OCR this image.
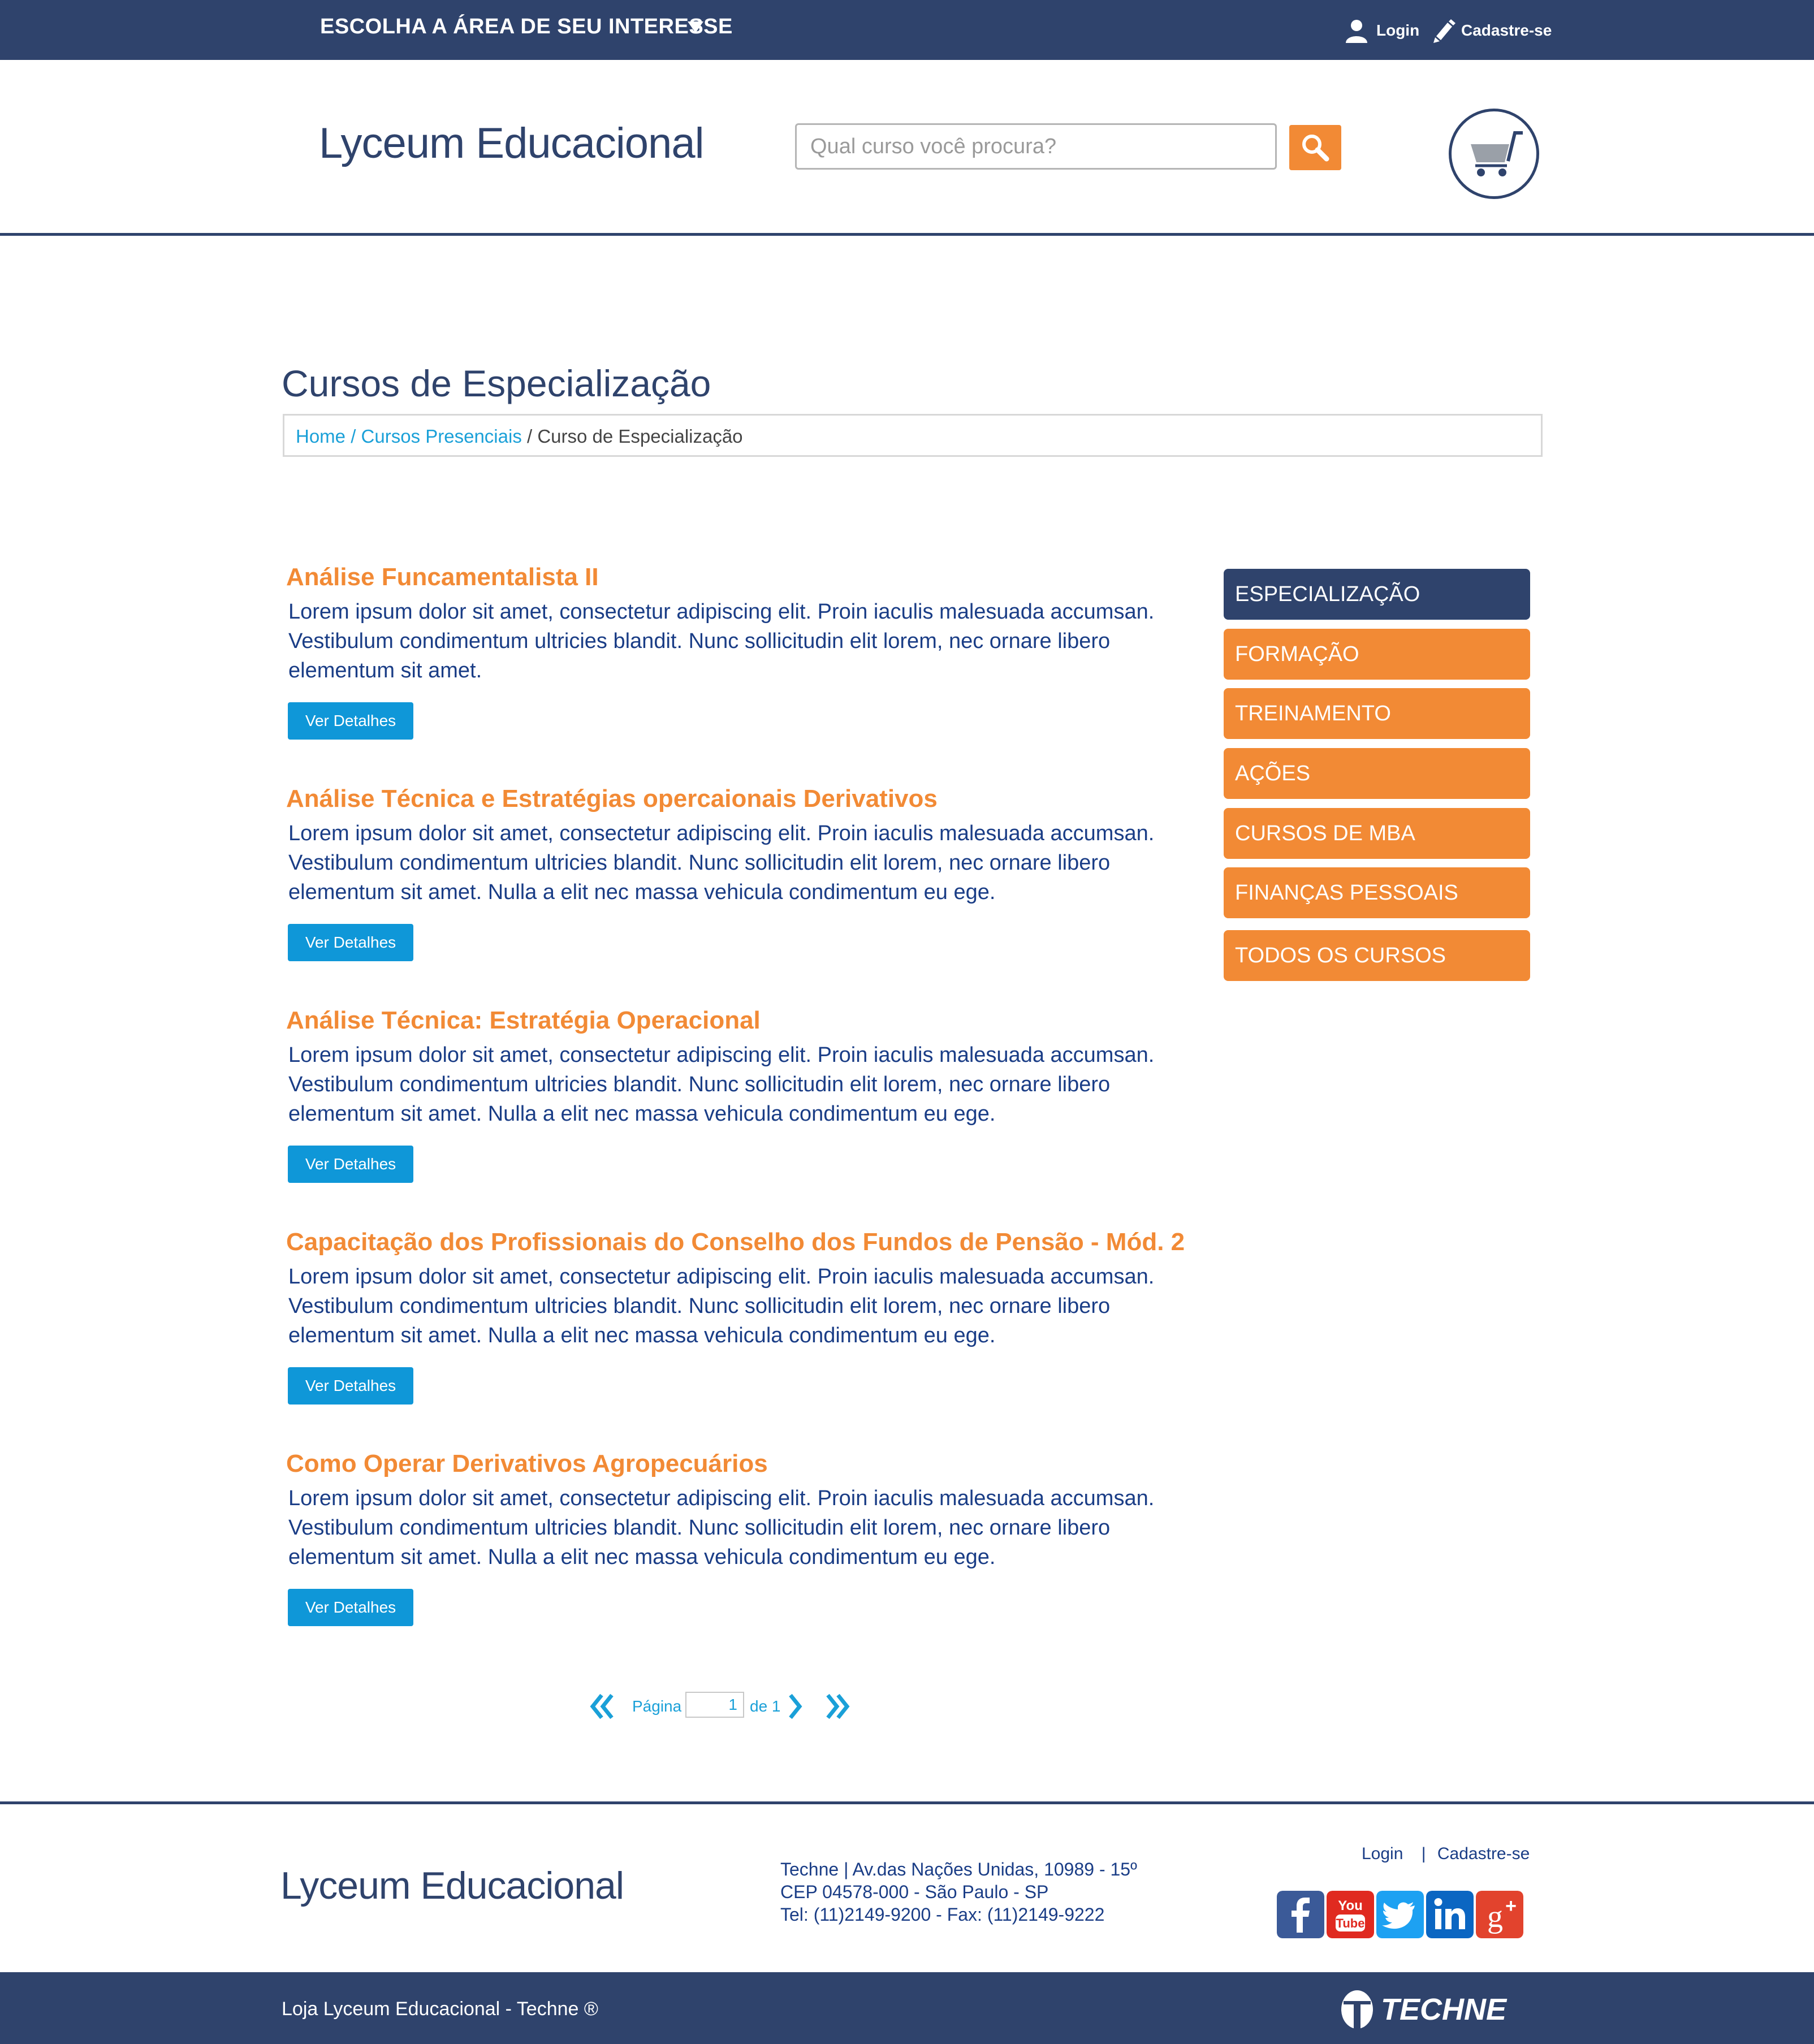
ESCOLHA A ÁREA DE SEU INTERESSE	Login	Cadastre-se
Lyceum Educacional
Qual curso você procura?
Cursos de Especialização
Home / Cursos Presenciais / Curso de Especialização
Análise Funcamentalista II
Lorem ipsum dolor sit amet, consectetur adipiscing elit. Proin iaculis malesuada accumsan. Vestibulum condimentum ultricies blandit. Nunc sollicitudin elit lorem, nec ornare libero elementum sit amet.
Ver Detalhes
Análise Técnica e Estratégias opercaionais Derivativos
Lorem ipsum dolor sit amet, consectetur adipiscing elit. Proin iaculis malesuada accumsan. Vestibulum condimentum ultricies blandit. Nunc sollicitudin elit lorem, nec ornare libero elementum sit amet. Nulla a elit nec massa vehicula condimentum eu ege.
Ver Detalhes
Análise Técnica: Estratégia Operacional
Lorem ipsum dolor sit amet, consectetur adipiscing elit. Proin iaculis malesuada accumsan. Vestibulum condimentum ultricies blandit. Nunc sollicitudin elit lorem, nec ornare libero elementum sit amet. Nulla a elit nec massa vehicula condimentum eu ege.
Ver Detalhes
Capacitação dos Profissionais do Conselho dos Fundos de Pensão - Mód. 2
Lorem ipsum dolor sit amet, consectetur adipiscing elit. Proin iaculis malesuada accumsan. Vestibulum condimentum ultricies blandit. Nunc sollicitudin elit lorem, nec ornare libero elementum sit amet. Nulla a elit nec massa vehicula condimentum eu ege.
Ver Detalhes
Como Operar Derivativos Agropecuários
Lorem ipsum dolor sit amet, consectetur adipiscing elit. Proin iaculis malesuada accumsan. Vestibulum condimentum ultricies blandit. Nunc sollicitudin elit lorem, nec ornare libero elementum sit amet. Nulla a elit nec massa vehicula condimentum eu ege.
Ver Detalhes
ESPECIALIZAÇÃO
FORMAÇÃO
TREINAMENTO
AÇÕES
CURSOS DE MBA
FINANÇAS PESSOAIS
TODOS OS CURSOS
Página
1	de 1
Lyceum Educacional	Techne | Av.das Nações Unidas, 10989 - 15º
CEP 04578-000 - São Paulo - SP
Tel: (11)2149-9200 - Fax: (11)2149-9222
Login | Cadastre-se
You
Tube	g +
Loja Lyceum Educacional - Techne ®	TECHNE
